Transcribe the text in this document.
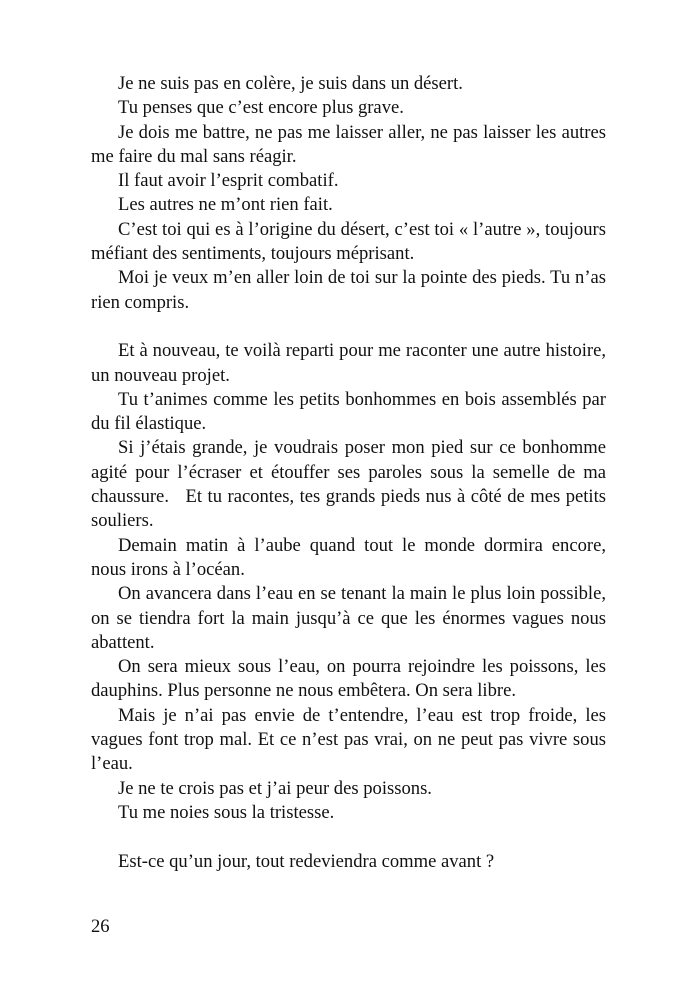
Je ne suis pas en colère, je suis dans un désert.

Tu penses que c’est encore plus grave.

Je dois me battre, ne pas me laisser aller, ne pas laisser les autres me faire du mal sans réagir.

Il faut avoir l’esprit combatif.

Les autres ne m’ont rien fait.

C’est toi qui es à l’origine du désert, c’est toi « l’autre », toujours méfiant des sentiments, toujours méprisant.

Moi je veux m’en aller loin de toi sur la pointe des pieds. Tu n’as rien compris.

Et à nouveau, te voilà reparti pour me raconter une autre histoire, un nouveau projet.

Tu t’animes comme les petits bonhommes en bois assemblés par du fil élastique.

Si j’étais grande, je voudrais poser mon pied sur ce bonhomme agité pour l’écraser et étouffer ses paroles sous la semelle de ma chaussure.   Et tu racontes, tes grands pieds nus à côté de mes petits souliers.

Demain matin à l’aube quand tout le monde dormira encore, nous irons à l’océan.

On avancera dans l’eau en se tenant la main le plus loin possible, on se tiendra fort la main jusqu’à ce que les énormes vagues nous abattent.

On sera mieux sous l’eau, on pourra rejoindre les poissons, les dauphins. Plus personne ne nous embêtera. On sera libre.

Mais je n’ai pas envie de t’entendre, l’eau est trop froide, les vagues font trop mal. Et ce n’est pas vrai, on ne peut pas vivre sous l’eau.

Je ne te crois pas et j’ai peur des poissons.

Tu me noies sous la tristesse.

Est-ce qu’un jour, tout redeviendra comme avant ?

26
